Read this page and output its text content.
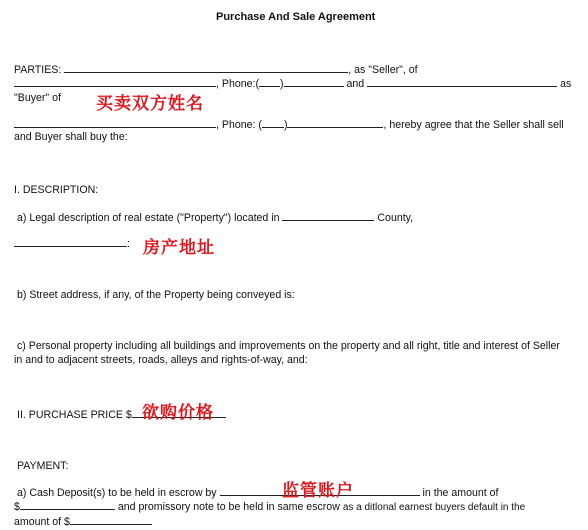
Purchase And Sale Agreement
PARTIES:	, as "Seller", of
, Phone:( )	and	as
"Buyer" of 买卖双方姓名
, Phone: ( )	, hereby agree that the Seller shall sell
and Buyer shall buy the:
I. DESCRIPTION:
a) Legal description of real estate ("Property") located in	County,
: 房产地址
b) Street address, if any, of the Property being conveyed is:
c) Personal property including all buildings and improvements on the property and all right, title and interest of Seller
in and to adjacent streets, roads, alleys and rights-of-way, and:
II. PURCHASE PRICE $ 欲购价格
PAYMENT:
a) Cash Deposit(s) to be held in escrow by	in the amount of
监管账户
$	and promissory note to be held in same escrow as a ditlonal earnest buyers default in the
amount of $
